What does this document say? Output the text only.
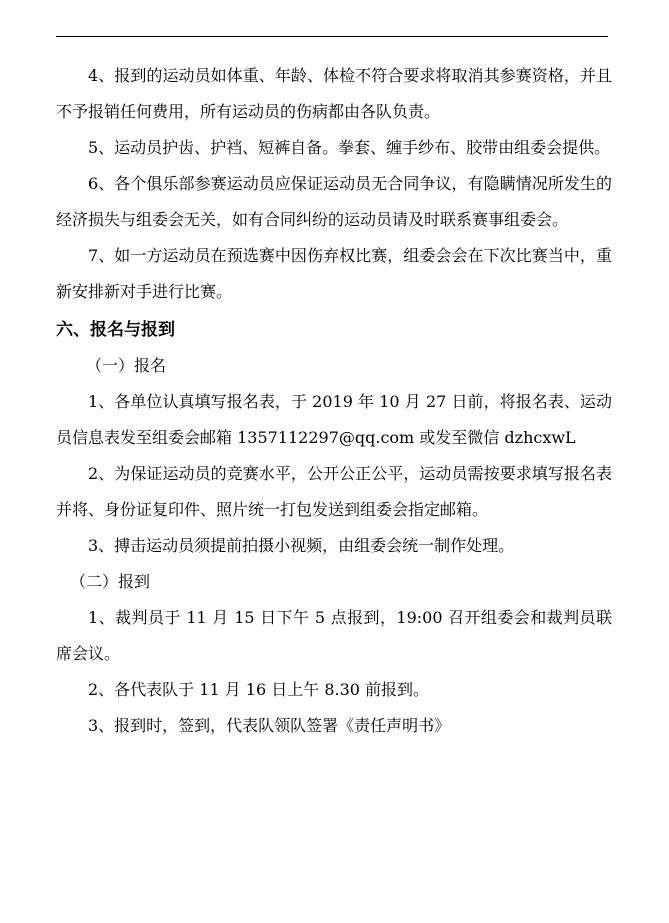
4、报到的运动员如体重、年龄、体检不符合要求将取消其参赛资格，并且不予报销任何费用，所有运动员的伤病都由各队负责。

5、运动员护齿、护裆、短裤自备。拳套、缠手纱布、胶带由组委会提供。

6、各个俱乐部参赛运动员应保证运动员无合同争议，有隐瞒情况所发生的经济损失与组委会无关，如有合同纠纷的运动员请及时联系赛事组委会。

7、如一方运动员在预选赛中因伤弃权比赛，组委会会在下次比赛当中，重新安排新对手进行比赛。

六、报名与报到

（一）报名

1、各单位认真填写报名表，于 2019 年 10 月 27 日前，将报名表、运动员信息表发至组委会邮箱 1357112297@qq.com 或发至微信 dzhcxwL

2、为保证运动员的竞赛水平，公开公正公平，运动员需按要求填写报名表并将、身份证复印件、照片统一打包发送到组委会指定邮箱。

3、搏击运动员须提前拍摄小视频，由组委会统一制作处理。

（二）报到

1、裁判员于 11 月 15 日下午 5 点报到，19:00 召开组委会和裁判员联席会议。

2、各代表队于 11 月 16 日上午 8.30 前报到。

3、报到时，签到，代表队领队签署《责任声明书》
